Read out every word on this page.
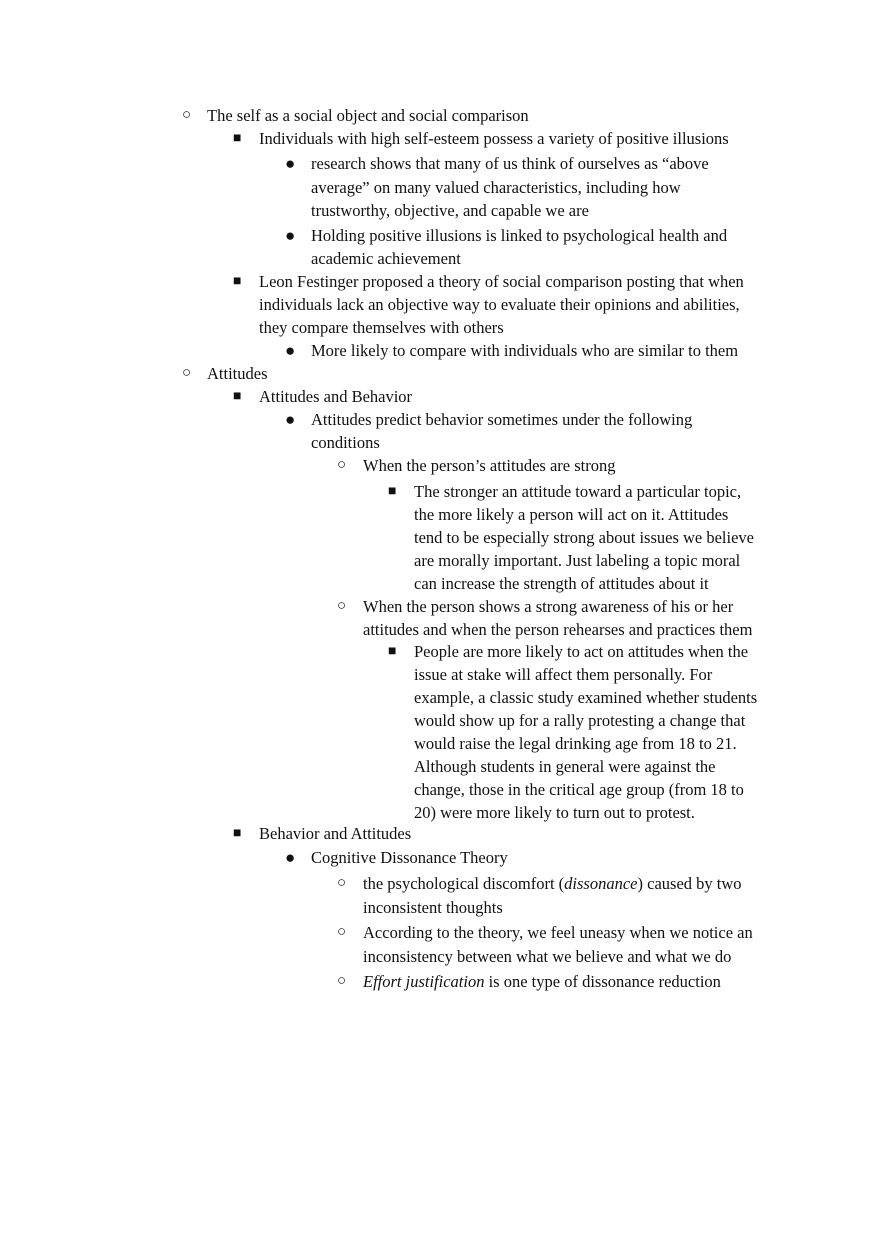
○ The self as a social object and social comparison
■ Individuals with high self-esteem possess a variety of positive illusions
● research shows that many of us think of ourselves as “above
average” on many valued characteristics, including how
trustworthy, objective, and capable we are
● Holding positive illusions is linked to psychological health and
academic achievement
■ Leon Festinger proposed a theory of social comparison posting that when
individuals lack an objective way to evaluate their opinions and abilities,
they compare themselves with others
● More likely to compare with individuals who are similar to them
○ Attitudes
■ Attitudes and Behavior
● Attitudes predict behavior sometimes under the following
conditions
○ When the person’s attitudes are strong
■ The stronger an attitude toward a particular topic,
the more likely a person will act on it. Attitudes
tend to be especially strong about issues we believe
are morally important. Just labeling a topic moral
can increase the strength of attitudes about it
○ When the person shows a strong awareness of his or her
attitudes and when the person rehearses and practices them
■ People are more likely to act on attitudes when the
issue at stake will affect them personally. For
example, a classic study examined whether students
would show up for a rally protesting a change that
would raise the legal drinking age from 18 to 21.
Although students in general were against the
change, those in the critical age group (from 18 to
20) were more likely to turn out to protest.
■ Behavior and Attitudes
● Cognitive Dissonance Theory
○ the psychological discomfort (dissonance) caused by two
inconsistent thoughts
○ According to the theory, we feel uneasy when we notice an
inconsistency between what we believe and what we do
○ Effort justification is one type of dissonance reduction
